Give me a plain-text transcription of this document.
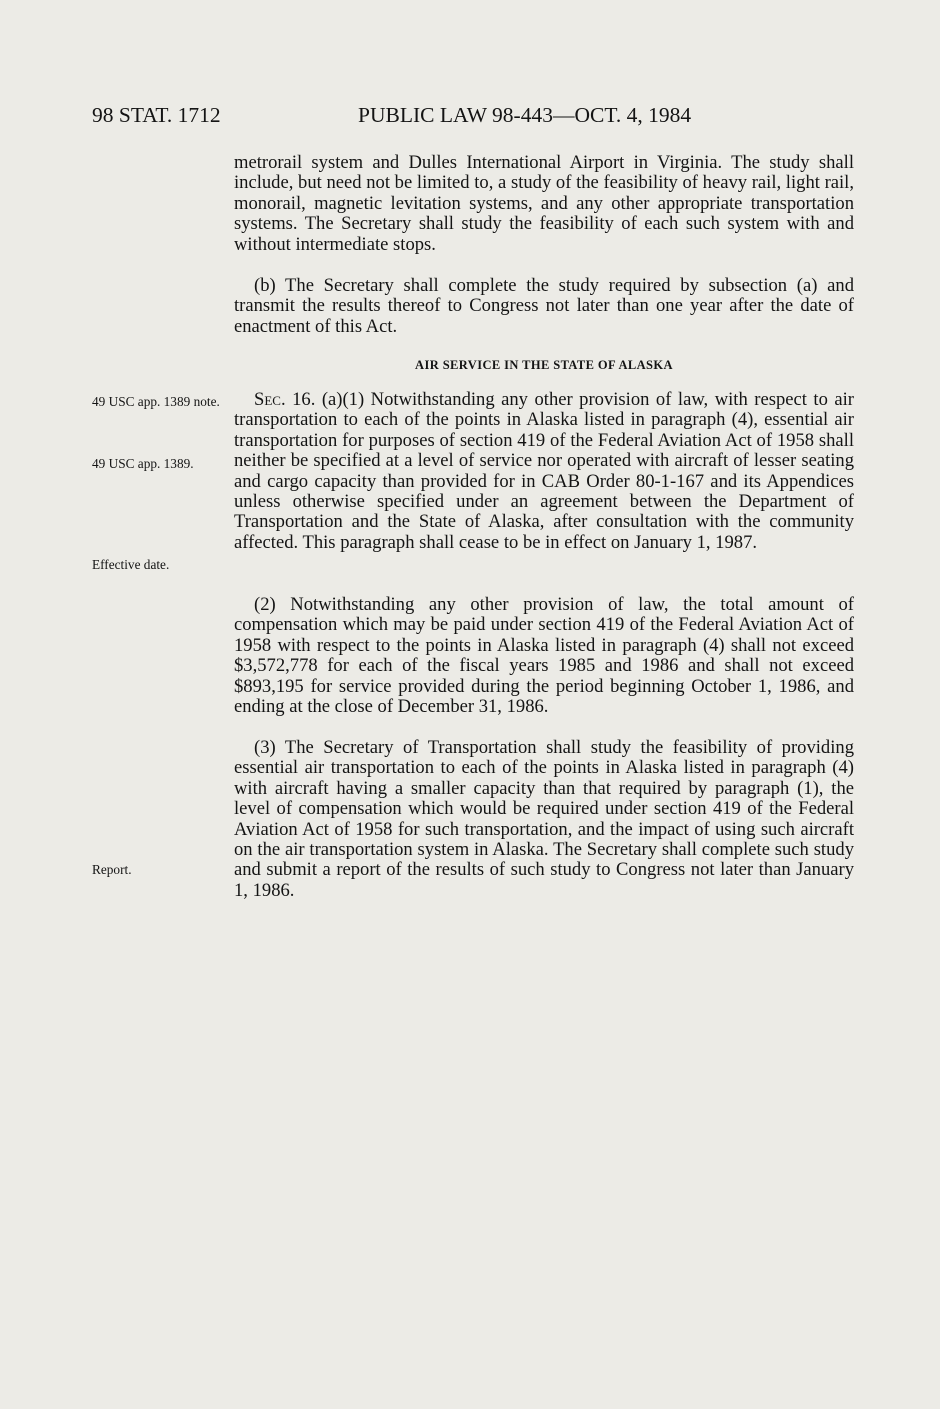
98 STAT. 1712	PUBLIC LAW 98-443—OCT. 4, 1984

metrorail system and Dulles International Airport in Virginia. The study shall include, but need not be limited to, a study of the feasibility of heavy rail, light rail, monorail, magnetic levitation systems, and any other appropriate transportation systems. The Secretary shall study the feasibility of each such system with and without intermediate stops.

(b) The Secretary shall complete the study required by subsection (a) and transmit the results thereof to Congress not later than one year after the date of enactment of this Act.

AIR SERVICE IN THE STATE OF ALASKA

Sec. 16. (a)(1) Notwithstanding any other provision of law, with respect to air transportation to each of the points in Alaska listed in paragraph (4), essential air transportation for purposes of section 419 of the Federal Aviation Act of 1958 shall neither be specified at a level of service nor operated with aircraft of lesser seating and cargo capacity than provided for in CAB Order 80-1-167 and its Appendices unless otherwise specified under an agreement between the Department of Transportation and the State of Alaska, after consultation with the community affected. This paragraph shall cease to be in effect on January 1, 1987.

(2) Notwithstanding any other provision of law, the total amount of compensation which may be paid under section 419 of the Federal Aviation Act of 1958 with respect to the points in Alaska listed in paragraph (4) shall not exceed $3,572,778 for each of the fiscal years 1985 and 1986 and shall not exceed $893,195 for service provided during the period beginning October 1, 1986, and ending at the close of December 31, 1986.

(3) The Secretary of Transportation shall study the feasibility of providing essential air transportation to each of the points in Alaska listed in paragraph (4) with aircraft having a smaller capacity than that required by paragraph (1), the level of compensation which would be required under section 419 of the Federal Aviation Act of 1958 for such transportation, and the impact of using such aircraft on the air transportation system in Alaska. The Secretary shall complete such study and submit a report of the results of such study to Congress not later than January 1, 1986.

49 USC app. 1389 note.
49 USC app. 1389.
Effective date.
Report.
